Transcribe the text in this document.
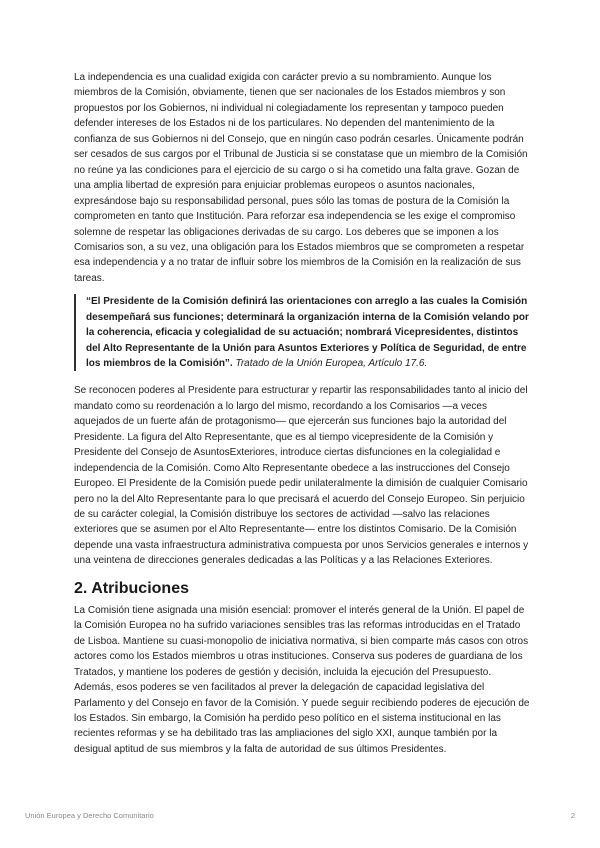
La independencia es una cualidad exigida con carácter previo a su nombramiento. Aunque los miembros de la Comisión, obviamente, tienen que ser nacionales de los Estados miembros y son propuestos por los Gobiernos, ni individual ni colegiadamente los representan y tampoco pueden defender intereses de los Estados ni de los particulares. No dependen del mantenimiento de la confianza de sus Gobiernos ni del Consejo, que en ningún caso podrán cesarles. Únicamente podrán ser cesados de sus cargos por el Tribunal de Justicia si se constatase que un miembro de la Comisión no reúne ya las condiciones para el ejercicio de su cargo o si ha cometido una falta grave. Gozan de una amplia libertad de expresión para enjuiciar problemas europeos o asuntos nacionales, expresándose bajo su responsabilidad personal, pues sólo las tomas de postura de la Comisión la comprometen en tanto que Institución. Para reforzar esa independencia se les exige el compromiso solemne de respetar las obligaciones derivadas de su cargo. Los deberes que se imponen a los Comisarios son, a su vez, una obligación para los Estados miembros que se comprometen a respetar esa independencia y a no tratar de influir sobre los miembros de la Comisión en la realización de sus tareas.

“El Presidente de la Comisión definirá las orientaciones con arreglo a las cuales la Comisión desempeñará sus funciones; determinará la organización interna de la Comisión velando por la coherencia, eficacia y colegialidad de su actuación; nombrará Vicepresidentes, distintos del Alto Representante de la Unión para Asuntos Exteriores y Política de Seguridad, de entre los miembros de la Comisión”. Tratado de la Unión Europea, Artículo 17.6.

Se reconocen poderes al Presidente para estructurar y repartir las responsabilidades tanto al inicio del mandato como su reordenación a lo largo del mismo, recordando a los Comisarios —a veces aquejados de un fuerte afán de protagonismo— que ejercerán sus funciones bajo la autoridad del Presidente. La figura del Alto Representante, que es al tiempo vicepresidente de la Comisión y Presidente del Consejo de AsuntosExteriores, introduce ciertas disfunciones en la colegialidad e independencia de la Comisión. Como Alto Representante obedece a las instrucciones del Consejo Europeo. El Presidente de la Comisión puede pedir unilateralmente la dimisión de cualquier Comisario pero no la del Alto Representante para lo que precisará el acuerdo del Consejo Europeo. Sin perjuicio de su carácter colegial, la Comisión distribuye los sectores de actividad —salvo las relaciones exteriores que se asumen por el Alto Representante— entre los distintos Comisario. De la Comisión depende una vasta infraestructura administrativa compuesta por unos Servicios generales e internos y una veintena de direcciones generales dedicadas a las Políticas y a las Relaciones Exteriores.

2. Atribuciones

La Comisión tiene asignada una misión esencial: promover el interés general de la Unión. El papel de la Comisión Europea no ha sufrido variaciones sensibles tras las reformas introducidas en el Tratado de Lisboa. Mantiene su cuasi-monopolio de iniciativa normativa, si bien comparte más casos con otros actores como los Estados miembros u otras instituciones. Conserva sus poderes de guardiana de los Tratados, y mantiene los poderes de gestión y decisión, incluida la ejecución del Presupuesto. Además, esos poderes se ven facilitados al prever la delegación de capacidad legislativa del Parlamento y del Consejo en favor de la Comisión. Y puede seguir recibiendo poderes de ejecución de los Estados. Sin embargo, la Comisión ha perdido peso político en el sistema institucional en las recientes reformas y se ha debilitado tras las ampliaciones del siglo XXI, aunque también por la desigual aptitud de sus miembros y la falta de autoridad de sus últimos Presidentes.

Unión Europea y Derecho Comunitario	2
